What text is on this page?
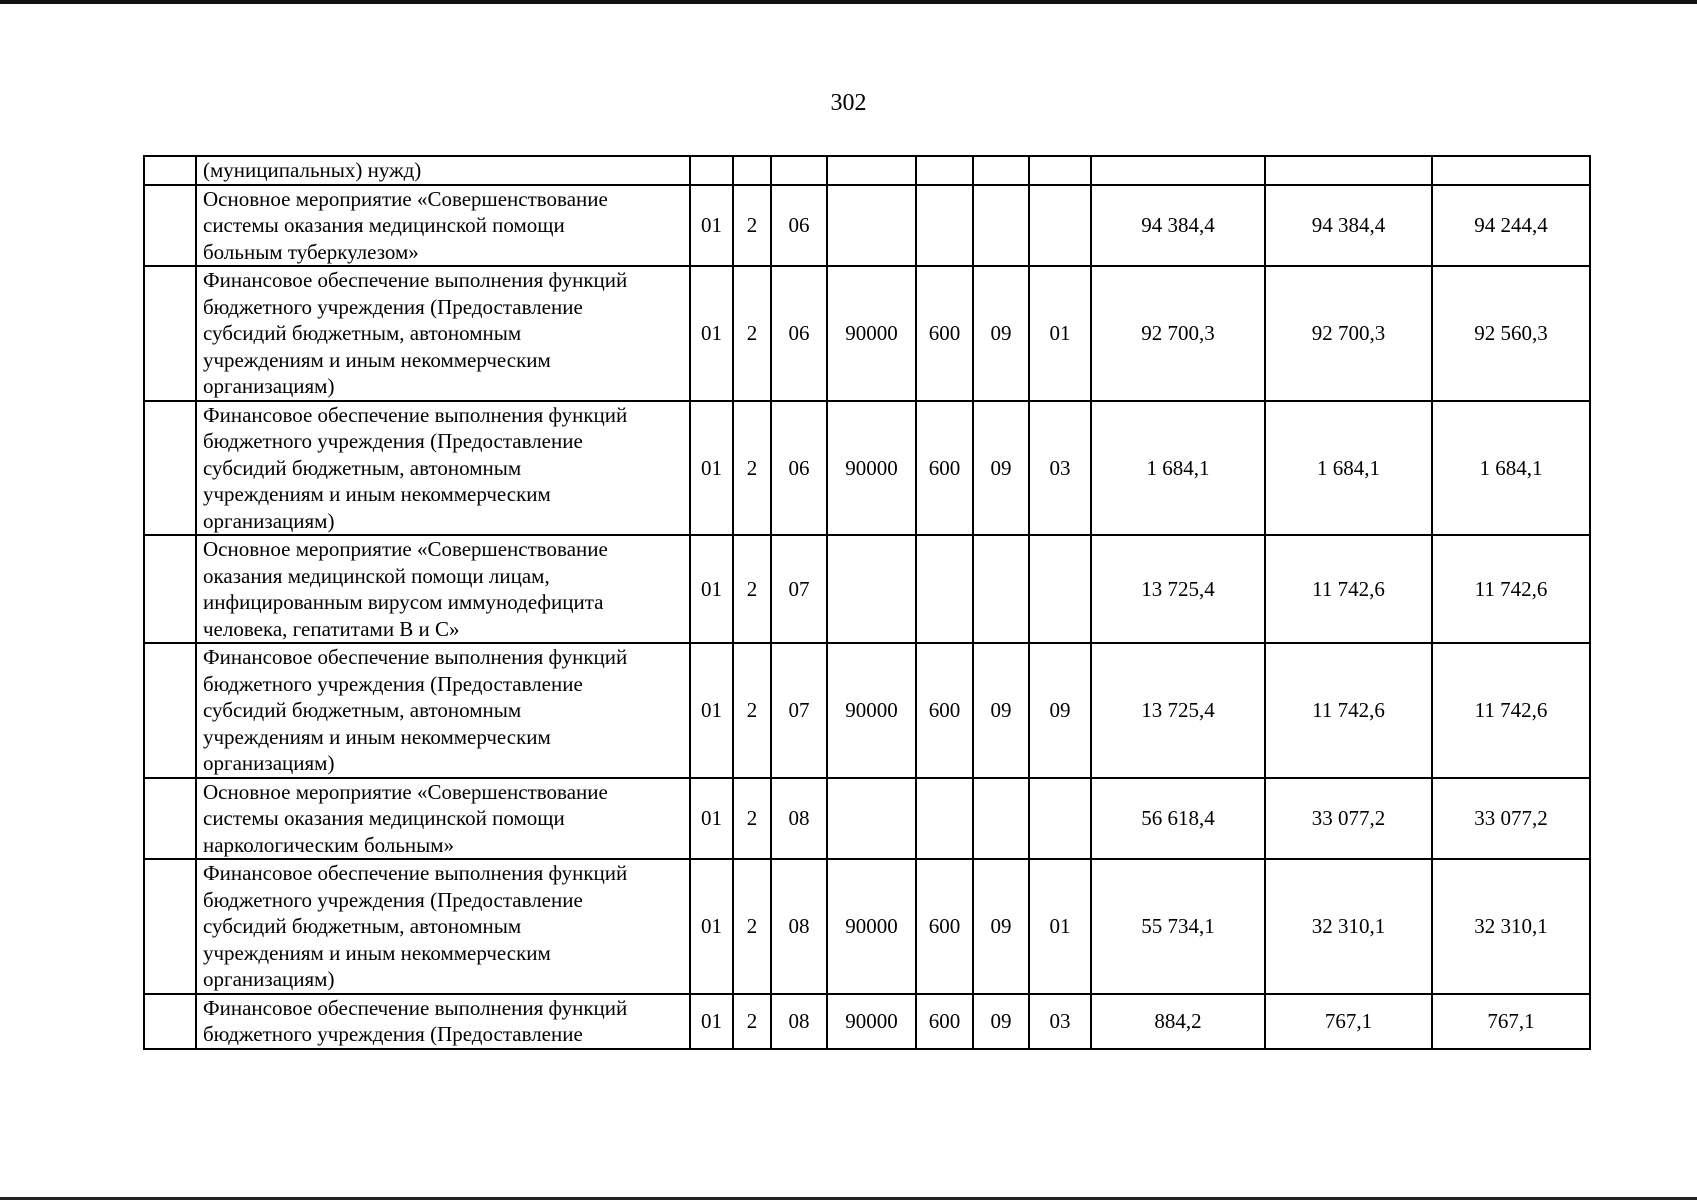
302

	(муниципальных) нужд)										

	Основное мероприятие «Совершенствование
системы оказания медицинской помощи
больным туберкулезом»	01	2	06					94 384,4	94 384,4	94 244,4

	Финансовое обеспечение выполнения функций
бюджетного учреждения (Предоставление
субсидий бюджетным, автономным
учреждениям и иным некоммерческим
организациям)	01	2	06	90000	600	09	01	92 700,3	92 700,3	92 560,3

	Финансовое обеспечение выполнения функций
бюджетного учреждения (Предоставление
субсидий бюджетным, автономным
учреждениям и иным некоммерческим
организациям)	01	2	06	90000	600	09	03	1 684,1	1 684,1	1 684,1

	Основное мероприятие «Совершенствование
оказания медицинской помощи лицам,
инфицированным вирусом иммунодефицита
человека, гепатитами В и С»	01	2	07					13 725,4	11 742,6	11 742,6

	Финансовое обеспечение выполнения функций
бюджетного учреждения (Предоставление
субсидий бюджетным, автономным
учреждениям и иным некоммерческим
организациям)	01	2	07	90000	600	09	09	13 725,4	11 742,6	11 742,6

	Основное мероприятие «Совершенствование
системы оказания медицинской помощи
наркологическим больным»	01	2	08					56 618,4	33 077,2	33 077,2

	Финансовое обеспечение выполнения функций
бюджетного учреждения (Предоставление
субсидий бюджетным, автономным
учреждениям и иным некоммерческим
организациям)	01	2	08	90000	600	09	01	55 734,1	32 310,1	32 310,1

	Финансовое обеспечение выполнения функций
бюджетного учреждения (Предоставление	01	2	08	90000	600	09	03	884,2	767,1	767,1
